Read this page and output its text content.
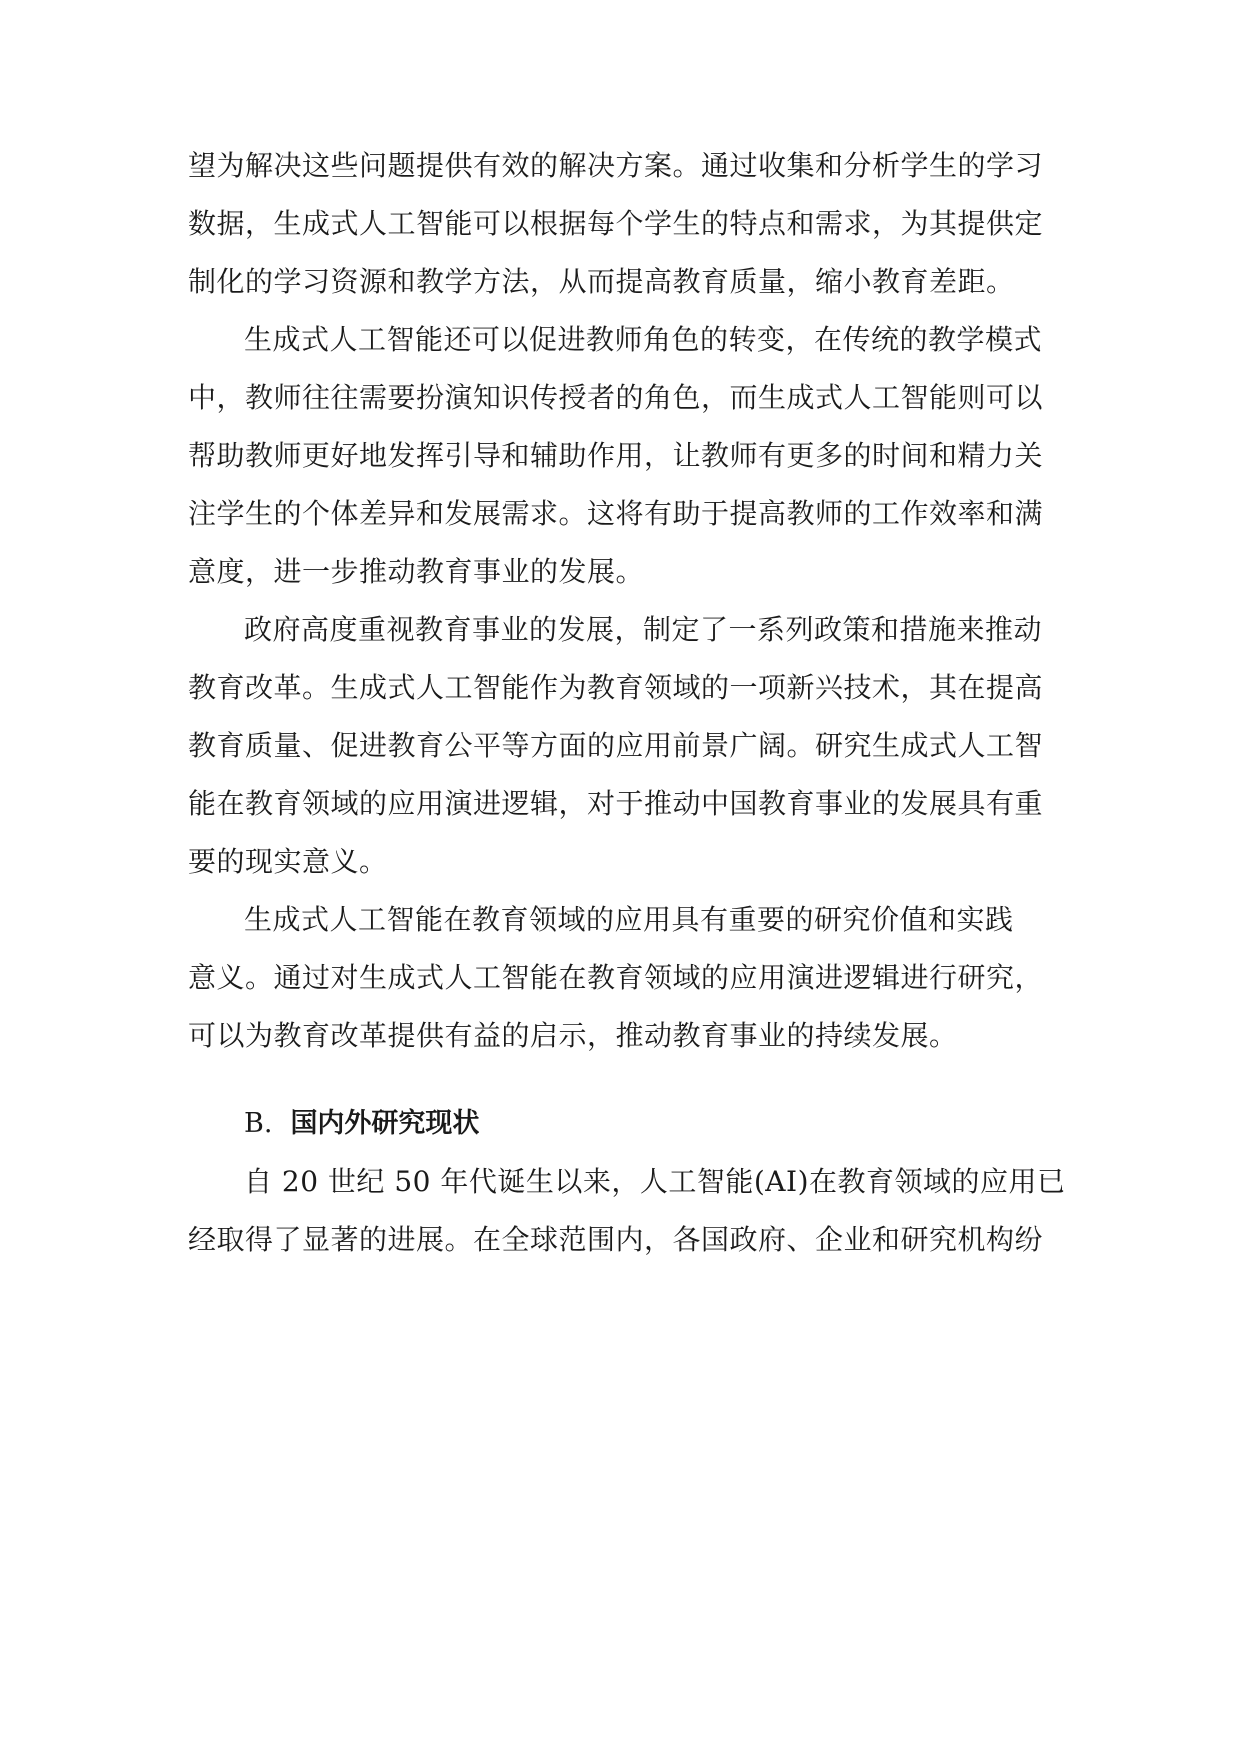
望为解决这些问题提供有效的解决方案。通过收集和分析学生的学习
数据，生成式人工智能可以根据每个学生的特点和需求，为其提供定
制化的学习资源和教学方法，从而提高教育质量，缩小教育差距。
生成式人工智能还可以促进教师角色的转变，在传统的教学模式
中，教师往往需要扮演知识传授者的角色，而生成式人工智能则可以
帮助教师更好地发挥引导和辅助作用，让教师有更多的时间和精力关
注学生的个体差异和发展需求。这将有助于提高教师的工作效率和满
意度，进一步推动教育事业的发展。
政府高度重视教育事业的发展，制定了一系列政策和措施来推动
教育改革。生成式人工智能作为教育领域的一项新兴技术，其在提高
教育质量、促进教育公平等方面的应用前景广阔。研究生成式人工智
能在教育领域的应用演进逻辑，对于推动中国教育事业的发展具有重
要的现实意义。
生成式人工智能在教育领域的应用具有重要的研究价值和实践
意义。通过对生成式人工智能在教育领域的应用演进逻辑进行研究，
可以为教育改革提供有益的启示，推动教育事业的持续发展。
B. 国内外研究现状
自 20 世纪 50 年代诞生以来，人工智能(AI)在教育领域的应用已
经取得了显著的进展。在全球范围内，各国政府、企业和研究机构纷
